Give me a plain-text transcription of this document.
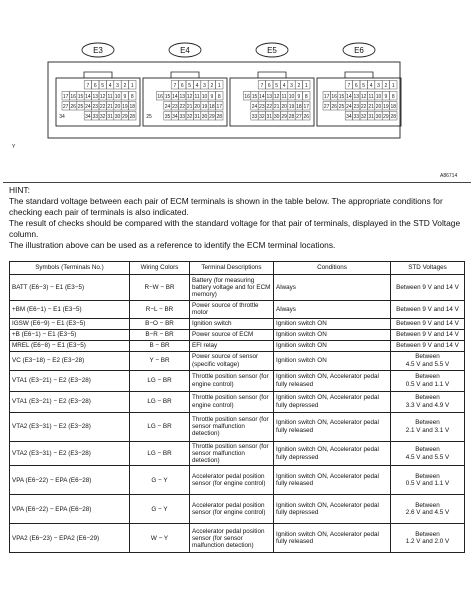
E3
7 6 5 4 3 2 1
17 16 15 14 13 12 11 10 9 8
27 26 25 24 23 22 21 20 19 18
34 33 32 31 30 29 28
34
E4
7 6 5 4 3 2 1
16 15 14 13 12 11 10 9 8
24 23 22 21 20 19 18 17
35 34 33 32 31 30 29 28
25
E5
7 6 5 4 3 2 1
16 15 14 13 12 11 10 9 8
24 23 22 21 20 19 18 17
33 32 31 30 29 28 27 26
E6
7 6 5 4 3 2 1
17 16 15 14 13 12 11 10 9 8
27 26 25 24 23 22 21 20 19 18
34 33 32 31 30 29 28
Y
A86714

HINT:

The standard voltage between each pair of ECM terminals is shown in the table below. The appropriate conditions for checking each pair of terminals is also indicated.

The result of checks should be compared with the standard voltage for that pair of terminals, displayed in the STD Voltage column.

The illustration above can be used as a reference to identify the ECM terminal locations.

Symbols (Terminals No.)	Wiring Colors	Terminal Descriptions	Conditions	STD Voltages
BATT (E6−3) − E1 (E3−5)	R−W − BR	Battery (for measuring battery voltage and for ECM memory)	Always	Between 9 V and 14 V
+BM (E6−1) − E1 (E3−5)	R−L − BR	Power source of throttle motor	Always	Between 9 V and 14 V
IGSW (E6−9) − E1 (E3−5)	B−O − BR	Ignition switch	Ignition switch ON	Between 9 V and 14 V
+B (E6−1) − E1 (E3−5)	B−R − BR	Power source of ECM	Ignition switch ON	Between 9 V and 14 V
MREL (E6−8) − E1 (E3−5)	B − BR	EFI relay	Ignition switch ON	Between 9 V and 14 V
VC (E3−18) − E2 (E3−28)	Y − BR	Power source of sensor (specific voltage)	Ignition switch ON	Between
4.5 V and 5.5 V
VTA1 (E3−21) − E2 (E3−28)	LG − BR	Throttle position sensor (for engine control)	Ignition switch ON, Accelerator pedal fully released	Between
0.5 V and 1.1 V
VTA1 (E3−21) − E2 (E3−28)	LG − BR	Throttle position sensor (for engine control)	Ignition switch ON, Accelerator pedal fully depressed	Between
3.3 V and 4.9 V
VTA2 (E3−31) − E2 (E3−28)	LG − BR	Throttle position sensor (for sensor malfunction detection)	Ignition switch ON, Accelerator pedal fully released	Between
2.1 V and 3.1 V
VTA2 (E3−31) − E2 (E3−28)	LG − BR	Throttle position sensor (for sensor malfunction detection)	Ignition switch ON, Accelerator pedal fully depressed	Between
4.5 V and 5.5 V
VPA (E6−22) − EPA (E6−28)	G − Y	Accelerator pedal position sensor (for engine control)	Ignition switch ON, Accelerator pedal fully released	Between
0.5 V and 1.1 V
VPA (E6−22) − EPA (E6−28)	G − Y	Accelerator pedal position sensor (for engine control)	Ignition switch ON, Accelerator pedal fully depressed	Between
2.6 V and 4.5 V
VPA2 (E6−23) − EPA2 (E6−29)	W − Y	Accelerator pedal position sensor (for sensor malfunction detection)	Ignition switch ON, Accelerator pedal fully released	Between
1.2 V and 2.0 V
